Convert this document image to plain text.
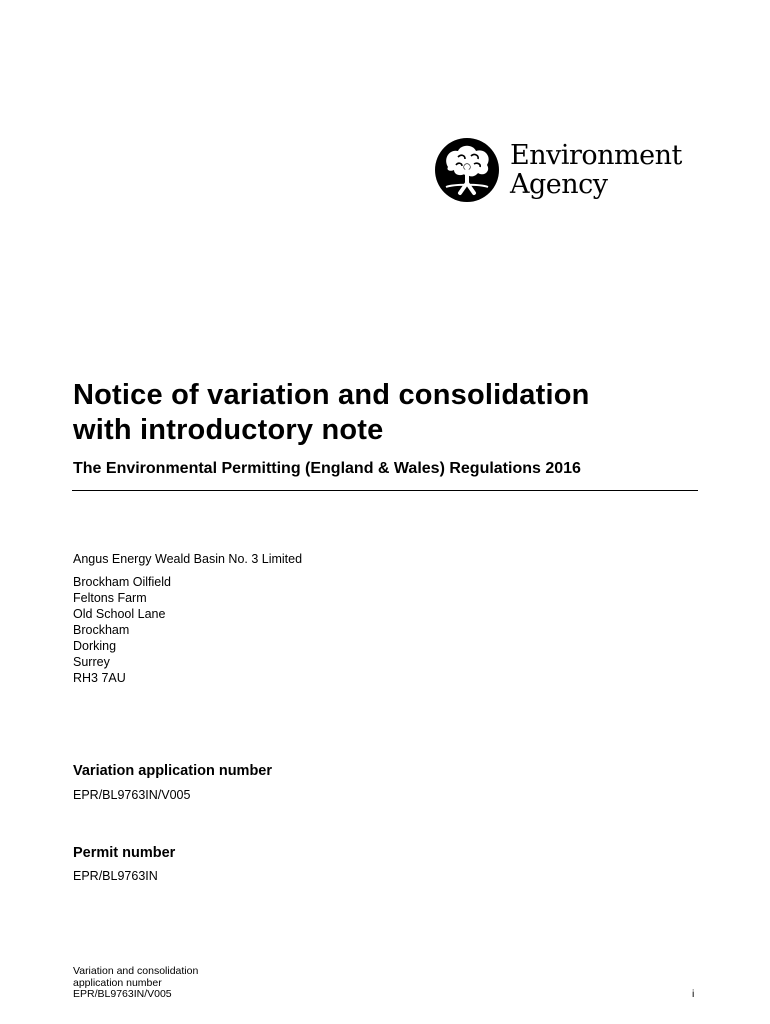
Environment
Agency
Notice of variation and consolidation
with introductory note
The Environmental Permitting (England & Wales) Regulations 2016
Angus Energy Weald Basin No. 3 Limited
Brockham Oilfield
Feltons Farm
Old School Lane
Brockham
Dorking
Surrey
RH3 7AU
Variation application number
EPR/BL9763IN/V005
Permit number
EPR/BL9763IN
Variation and consolidation
application number
EPR/BL9763IN/V005	i
